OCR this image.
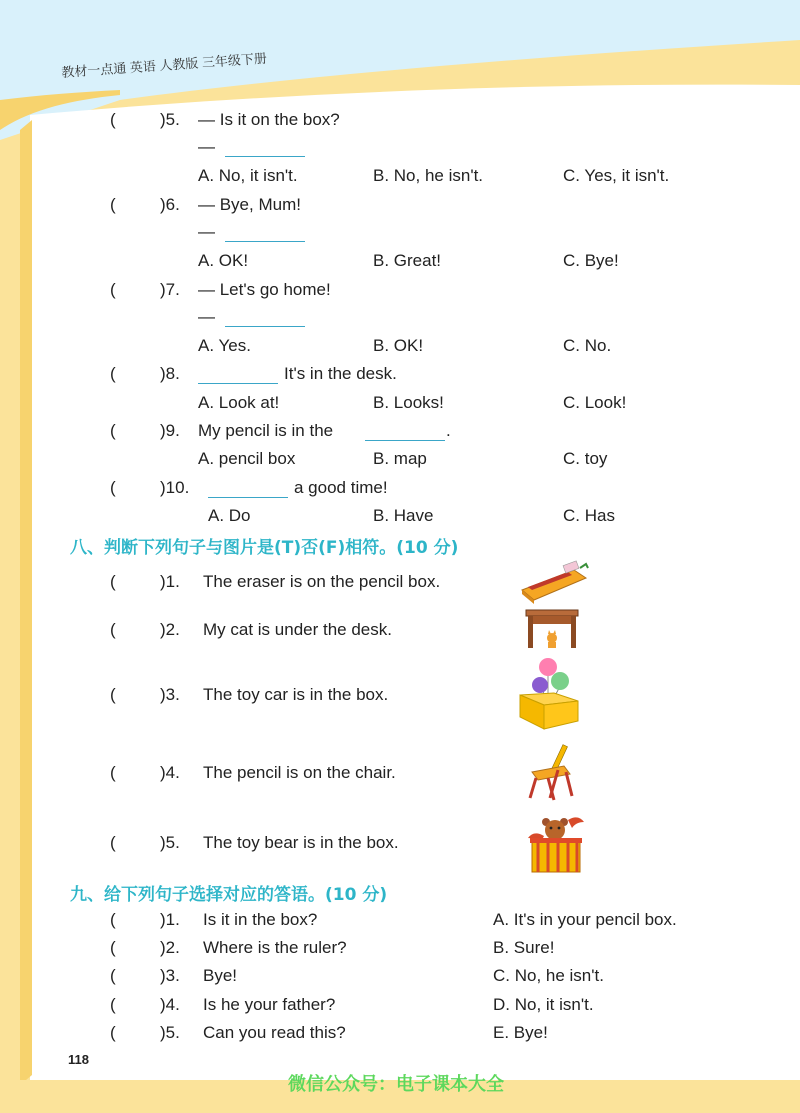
教材一点通 英语 人教版 三年级下册
(	)5. — Is it on the box?
—
A. No, it isn't.	B. No, he isn't.	C. Yes, it isn't.
(	)6. — Bye, Mum!
—
A. OK!	B. Great!	C. Bye!
(	)7. — Let's go home!
—
A. Yes.	B. OK!	C. No.
(	)8.	It's in the desk.
A. Look at!	B. Looks!	C. Look!
(	)9. My pencil is in the	.
A. pencil box	B. map	C. toy
(	)10.	a good time!
A. Do	B. Have	C. Has
八、判断下列句子与图片是(T)否(F)相符。(10 分)
(	)1. The eraser is on the pencil box.
(	)2. My cat is under the desk.
(	)3. The toy car is in the box.
(	)4. The pencil is on the chair.
(	)5. The toy bear is in the box.
九、给下列句子选择对应的答语。(10 分)
(	)1. Is it in the box?	A. It's in your pencil box.
(	)2. Where is the ruler?	B. Sure!
(	)3. Bye!	C. No, he isn't.
(	)4. Is he your father?	D. No, it isn't.
(	)5. Can you read this?	E. Bye!
118
微信公众号：电子课本大全
